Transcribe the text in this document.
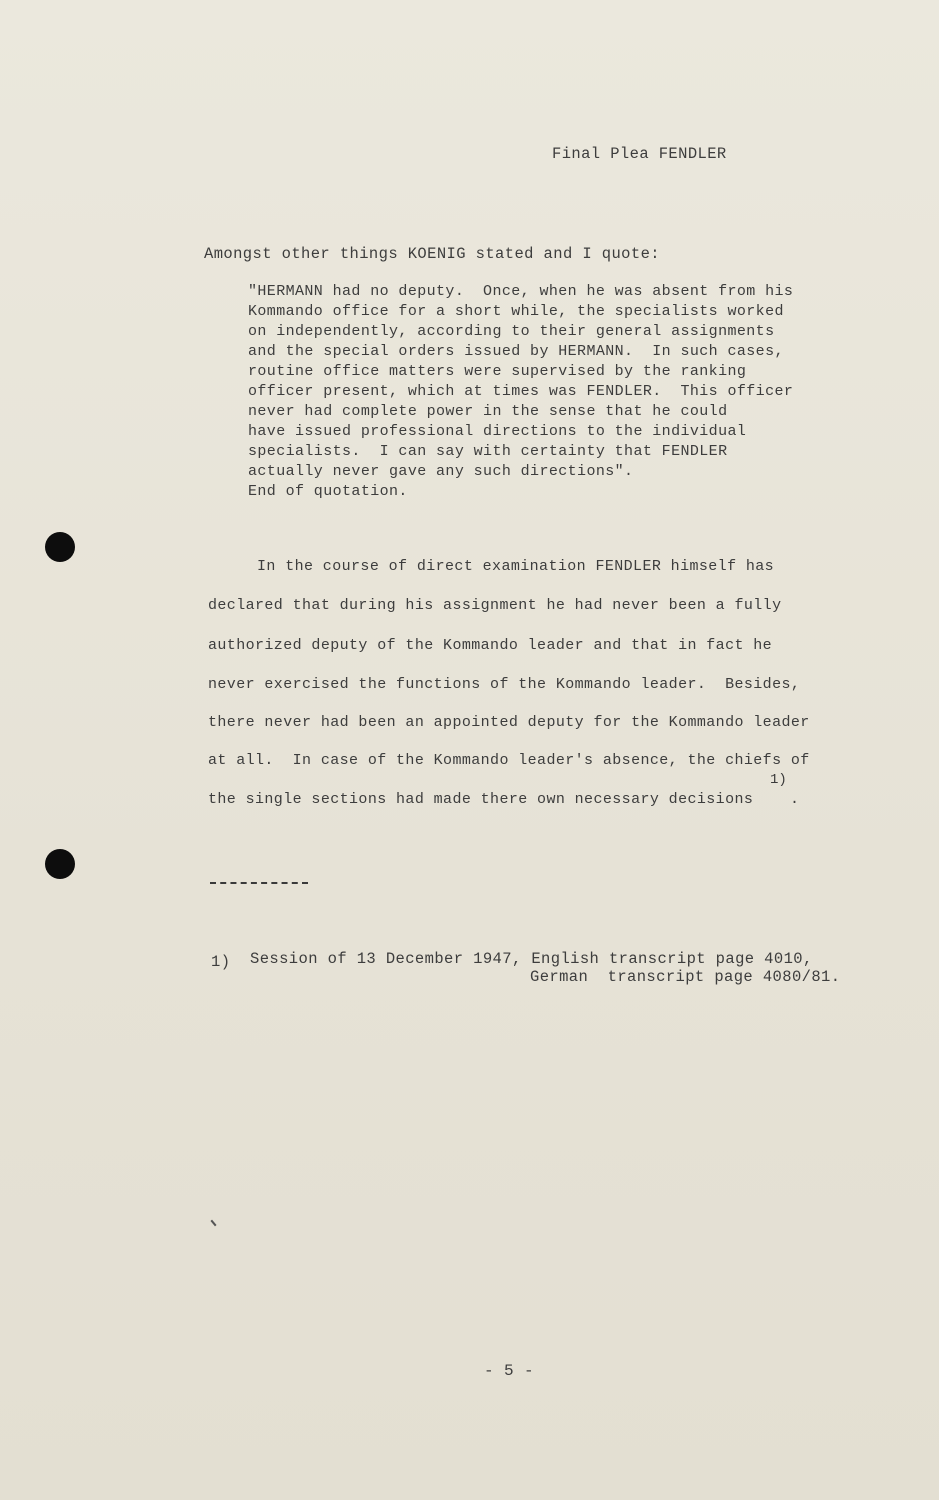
Final Plea FENDLER
Amongst other things KOENIG stated and I quote:
"HERMANN had no deputy.  Once, when he was absent from his
Kommando office for a short while, the specialists worked
on independently, according to their general assignments
and the special orders issued by HERMANN.  In such cases,
routine office matters were supervised by the ranking
officer present, which at times was FENDLER.  This officer
never had complete power in the sense that he could
have issued professional directions to the individual
specialists.  I can say with certainty that FENDLER
actually never gave any such directions".
End of quotation.
In the course of direct examination FENDLER himself has
declared that during his assignment he had never been a fully
authorized deputy of the Kommando leader and that in fact he
never exercised the functions of the Kommando leader.  Besides,
there never had been an appointed deputy for the Kommando leader
at all.  In case of the Kommando leader's absence, the chiefs of
the single sections had made there own necessary decisions
1)
.
1) Session of 13 December 1947, English transcript page 4010,
German  transcript page 4080/81.
- 5 -
